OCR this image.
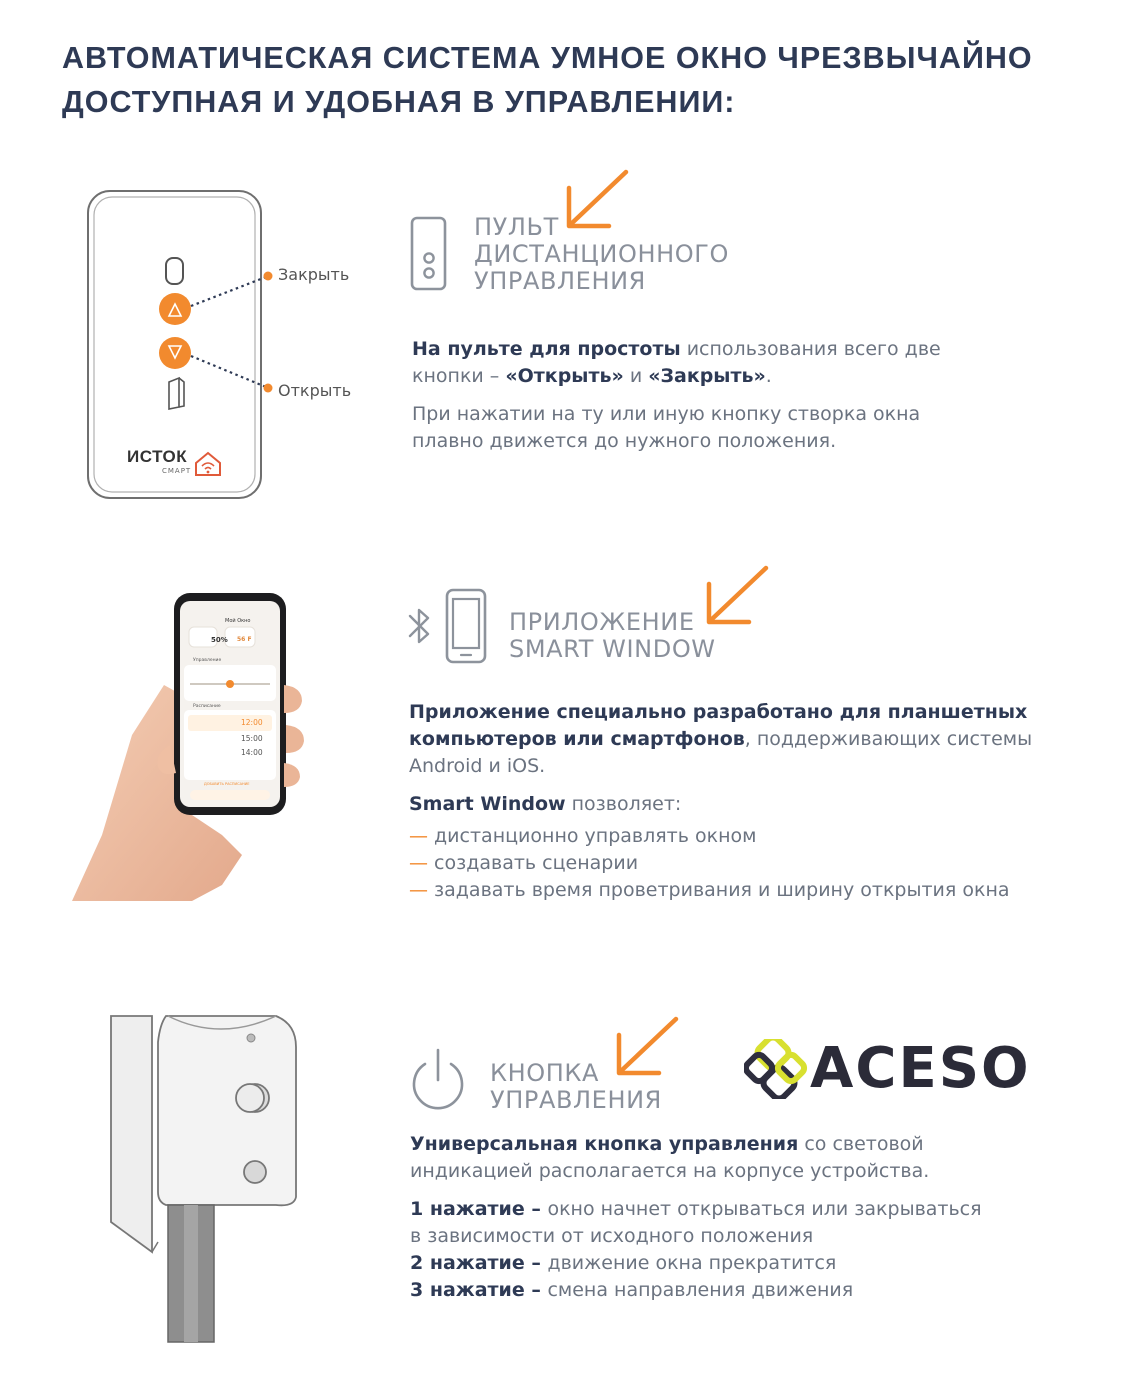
АВТОМАТИЧЕСКАЯ СИСТЕМА УМНОЕ ОКНО ЧРЕЗВЫЧАЙНО
ДОСТУПНАЯ И УДОБНАЯ В УПРАВЛЕНИИ:
Закрыть
Открыть
ИСТОК
СМАРТ
ПУЛЬТ
ДИСТАНЦИОННОГО
УПРАВЛЕНИЯ

На пульте для простоты использования всего две
кнопки – «Открыть» и «Закрыть».

При нажатии на ту или иную кнопку створка окна
плавно движется до нужного положения.

Мой Окно
50% 56 F
Управление
Расписание
12:00
15:00
14:00
ДОБАВИТЬ РАСПИСАНИЕ
ПРИЛОЖЕНИЕ
SMART WINDOW

Приложение специально разработано для планшетных
компьютеров или смартфонов, поддерживающих системы
Android и iOS.

Smart Window позволяет:

— дистанционно управлять окном
— создавать сценарии
— задавать время проветривания и ширину открытия окна
КНОПКА
УПРАВЛЕНИЯ	ACESO

Универсальная кнопка управления со световой
индикацией располагается на корпусе устройства.

1 нажатие – окно начнет открываться или закрываться
в зависимости от исходного положения
2 нажатие – движение окна прекратится
3 нажатие – смена направления движения
